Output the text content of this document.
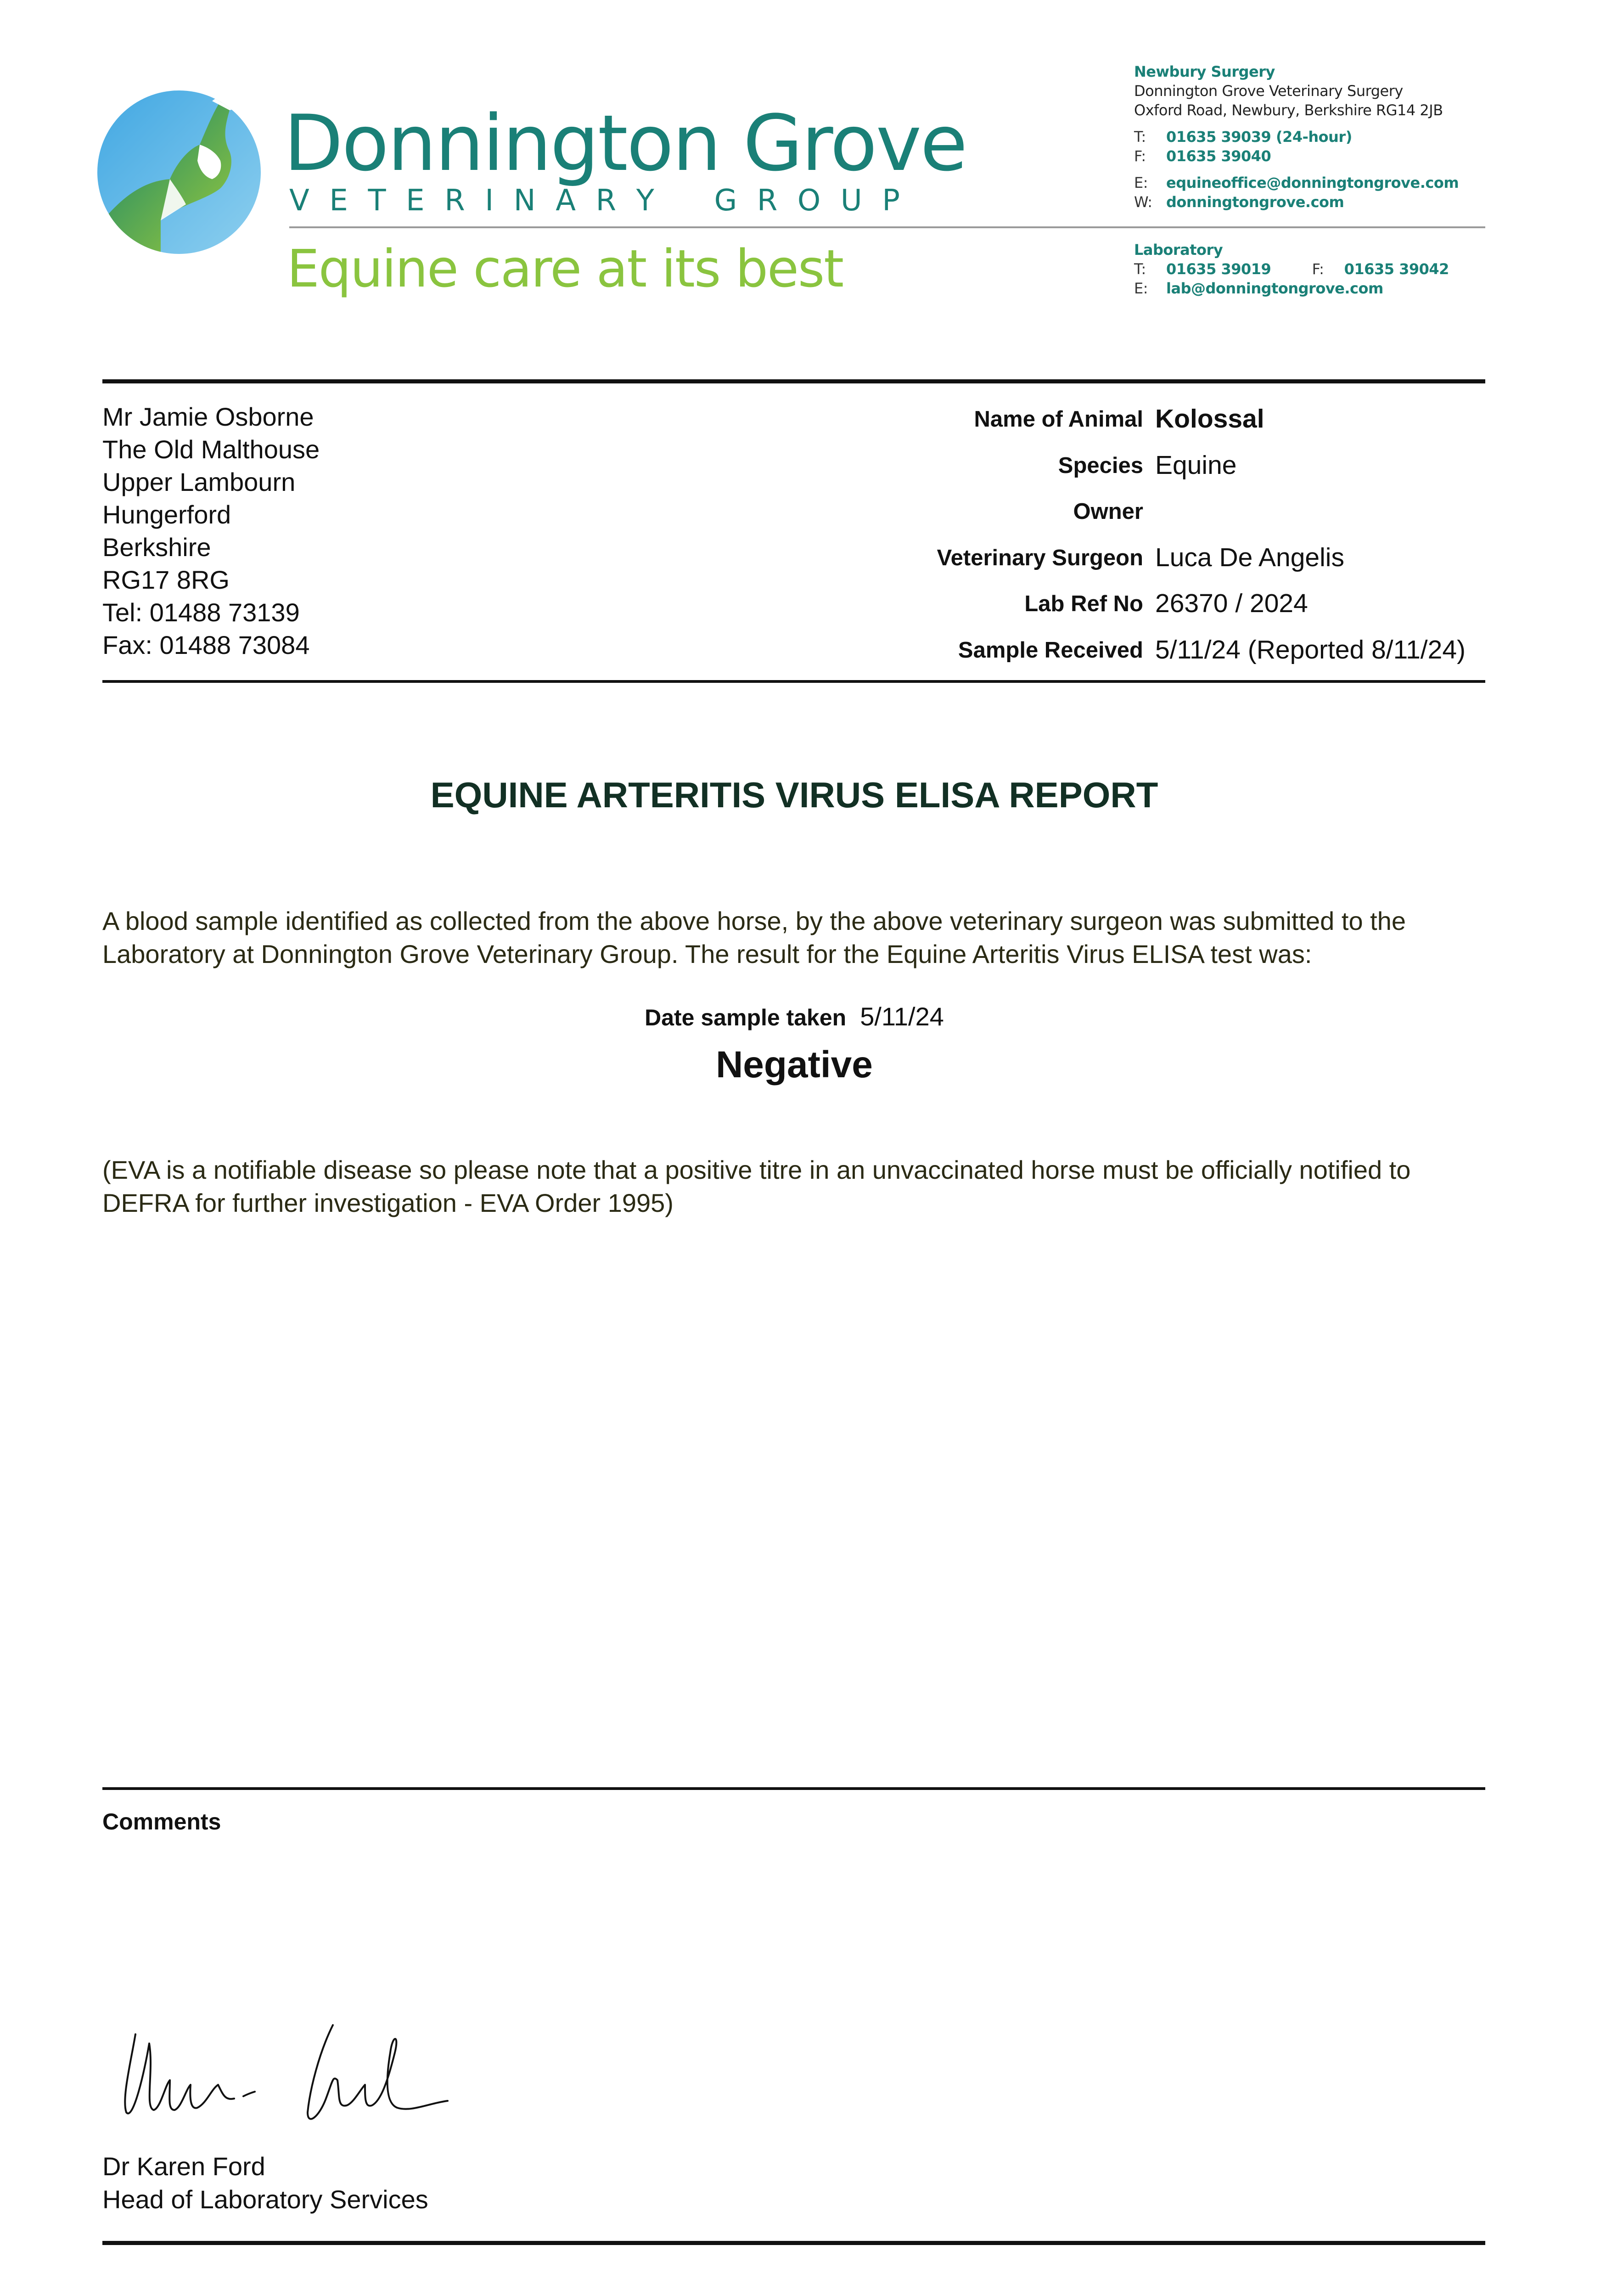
Donnington Grove
V E T E R I N A R Y G R O U P
Equine care at its best
Newbury Surgery
Donnington Grove Veterinary Surgery
Oxford Road, Newbury, Berkshire RG14 2JB
T: 01635 39039 (24-hour)
F: 01635 39040
E: equineoffice@donningtongrove.com
W: donningtongrove.com
Laboratory
T: 01635 39019	F: 01635 39042
E: lab@donningtongrove.com
Mr Jamie Osborne
The Old Malthouse
Upper Lambourn
Hungerford
Berkshire
RG17 8RG
Tel: 01488 73139
Fax: 01488 73084
Name of Animal Kolossal
Species Equine
Owner
Veterinary Surgeon Luca De Angelis
Lab Ref No 26370 / 2024
Sample Received 5/11/24 (Reported 8/11/24)
EQUINE ARTERITIS VIRUS ELISA REPORT
A blood sample identified as collected from the above horse, by the above veterinary surgeon was submitted to the Laboratory at Donnington Grove Veterinary Group. The result for the Equine Arteritis Virus ELISA test was:
Date sample taken 5/11/24
Negative
(EVA is a notifiable disease so please note that a positive titre in an unvaccinated horse must be officially notified to DEFRA for further investigation - EVA Order 1995)
Comments
Dr Karen Ford
Head of Laboratory Services
